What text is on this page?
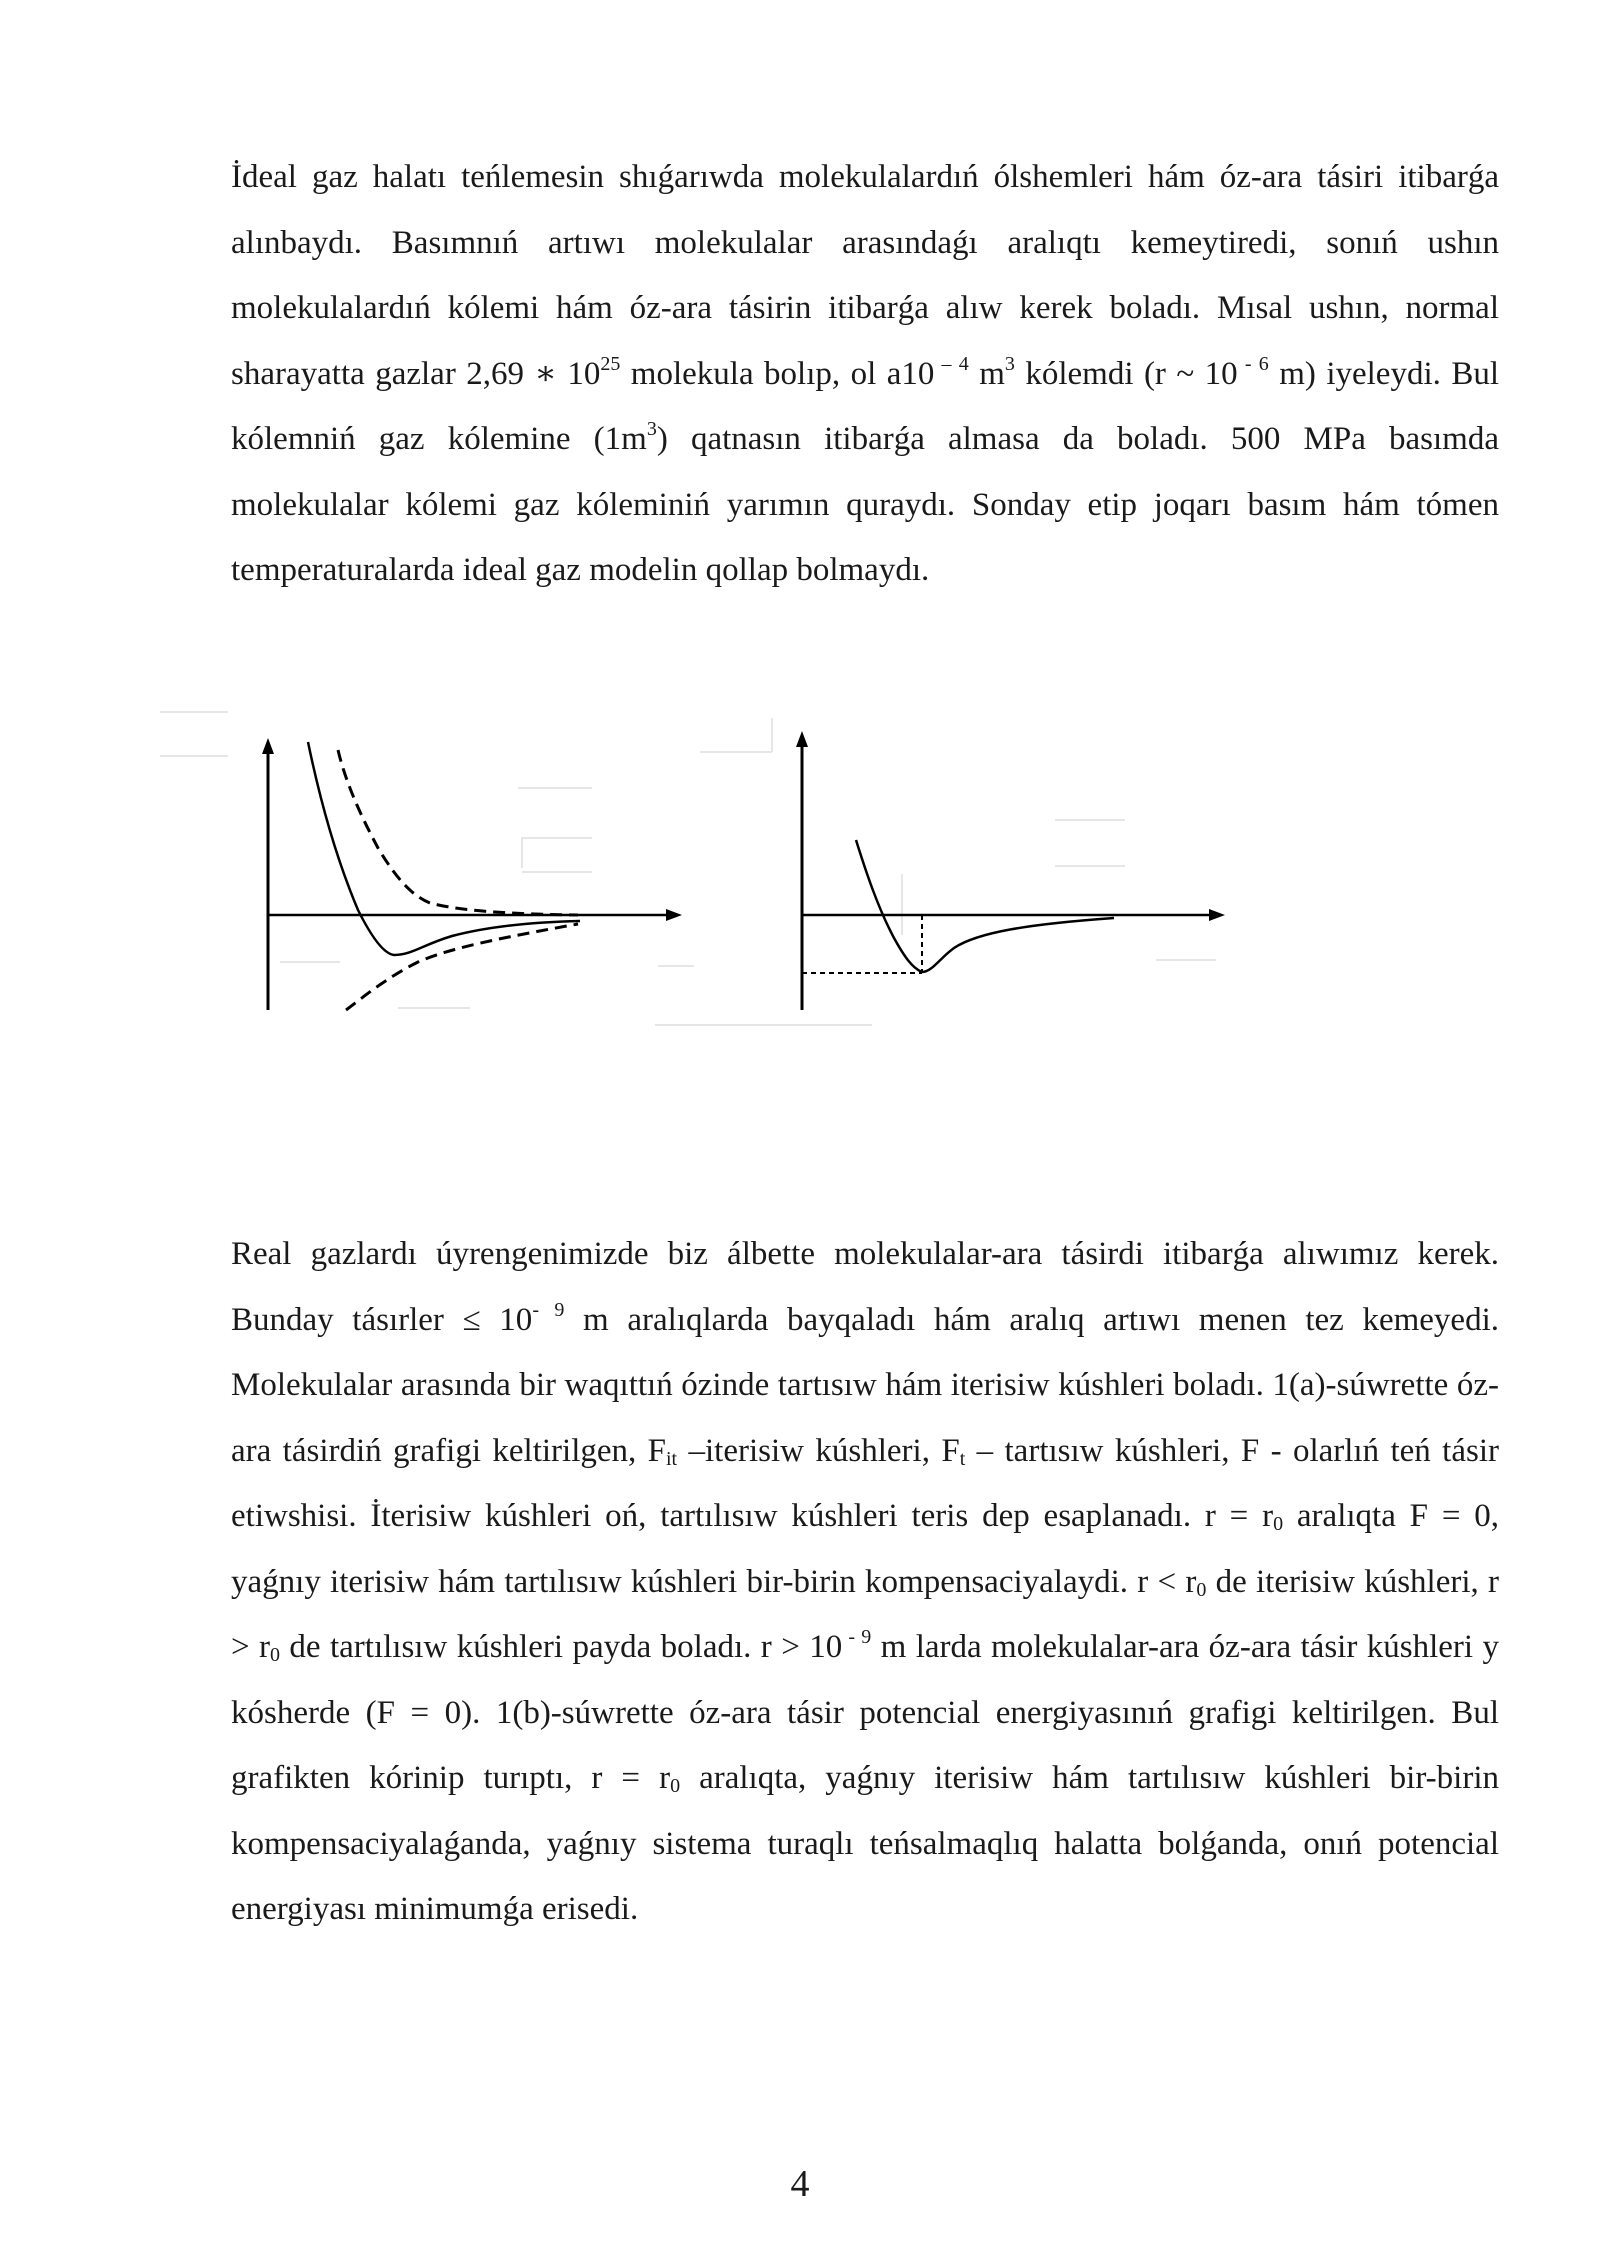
İdeal gaz halatı teńlemesin shıǵarıwda molekulalardıń ólshemleri hám óz-ara tásiri itibarǵa alınbaydı. Basımnıń artıwı molekulalar arasındaǵı aralıqtı kemeytiredi, sonıń ushın molekulalardıń kólemi hám óz-ara tásirin itibarǵa alıw kerek boladı. Mısal ushın, normal sharayatta gazlar 2,69 ∗ $10^{25}$ molekula bolıp, ol a10 $^{- 4}$ $m^3$ kólemdi (r ~ 10 $^{- 6}$ m) iyeleydi. Bul kólemniń gaz kólemine $(1m^3)$ qatnasın itibarǵa almasa da boladı. 500 MPa basımda molekulalar kólemi gaz kóleminiń yarımın quraydı. Sonday etip joqarı basım hám tómen temperaturalarda ideal gaz modelin qollap bolmaydı.

Real gazlardı úyrengenimizde biz álbette molekulalar-ara tásirdi itibarǵa alıwımız kerek. Bunday tásırler ≤ $10^{- 9}$ m aralıqlarda bayqaladı hám aralıq artıwı menen tez kemeyedi. Molekulalar arasında bir waqıttıń ózinde tartısıw hám iterisiw kúshleri boladı. 1(a)-súwrette óz-ara tásirdiń grafigi keltirilgen, $F_{it}$ –iterisiw kúshleri, $F_t$ – tartısıw kúshleri, F - olarlıń teń tásir etiwshisi. İterisiw kúshleri oń, tartılısıw kúshleri teris dep esaplanadı. $r = r_0$ aralıqta F = 0, yaǵnıy iterisiw hám tartılısıw kúshleri bir-birin kompensaciyalaydi. $r < r_0$ de iterisiw kúshleri, $r > r_0$ de tartılısıw kúshleri payda boladı. r > 10 $^{- 9}$ m larda molekulalar-ara óz-ara tásir kúshleri y kósherde (F = 0). 1(b)-súwrette óz-ara tásir potencial energiyasınıń grafigi keltirilgen. Bul grafikten kórinip turıptı, $r = r_0$ aralıqta, yaǵnıy iterisiw hám tartılısıw kúshleri bir-birin kompensaciyalaǵanda, yaǵnıy sistema turaqlı teńsalmaqlıq halatta bolǵanda, onıń potencial energiyası minimumǵa erisedi.

4
